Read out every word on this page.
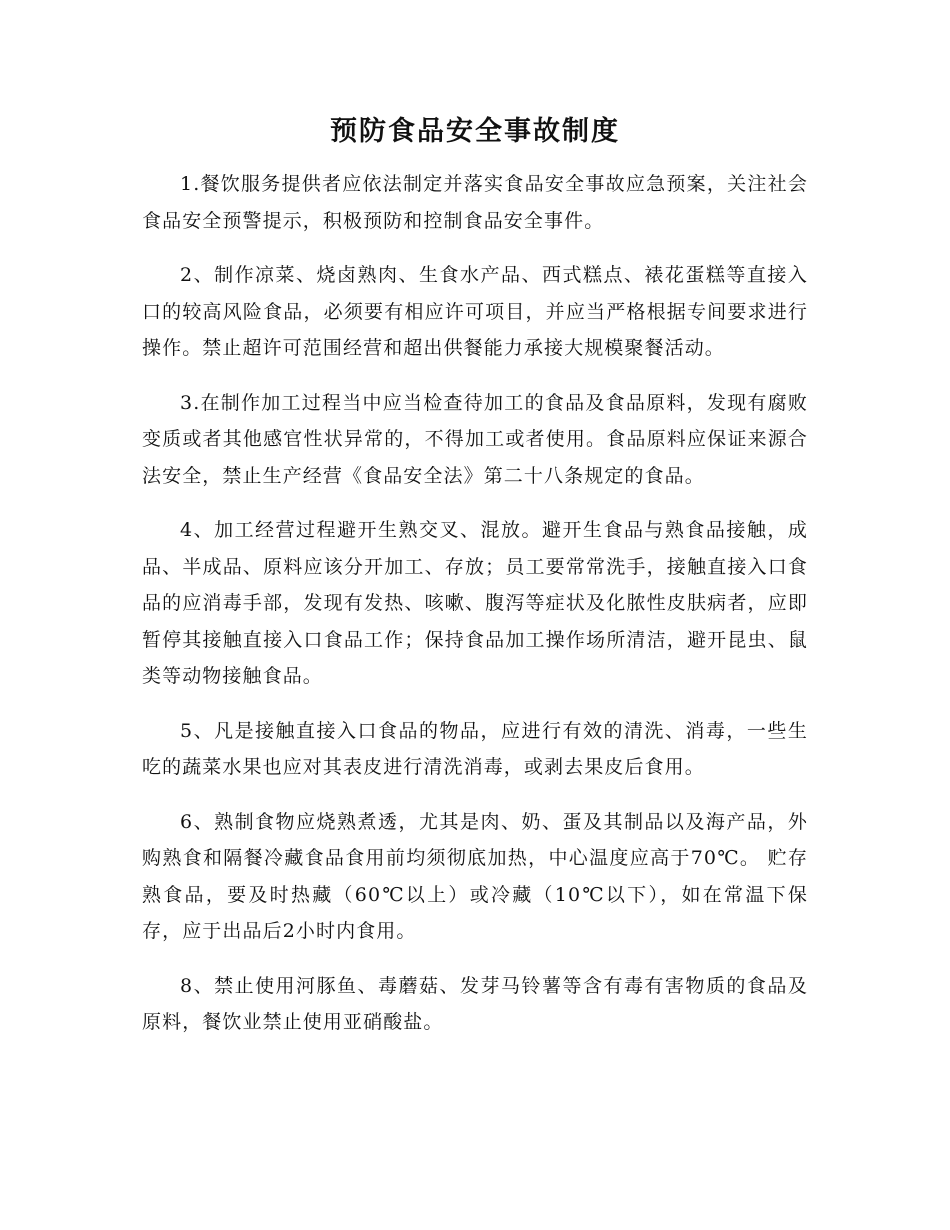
预防食品安全事故制度

1.餐饮服务提供者应依法制定并落实食品安全事故应急预案，关注社会食品安全预警提示，积极预防和控制食品安全事件。

2、制作凉菜、烧卤熟肉、生食水产品、西式糕点、裱花蛋糕等直接入口的较高风险食品，必须要有相应许可项目，并应当严格根据专间要求进行操作。禁止超许可范围经营和超出供餐能力承接大规模聚餐活动。

3.在制作加工过程当中应当检查待加工的食品及食品原料，发现有腐败变质或者其他感官性状异常的，不得加工或者使用。食品原料应保证来源合法安全，禁止生产经营《食品安全法》第二十八条规定的食品。

4、加工经营过程避开生熟交叉、混放。避开生食品与熟食品接触，成品、半成品、原料应该分开加工、存放；员工要常常洗手，接触直接入口食品的应消毒手部，发现有发热、咳嗽、腹泻等症状及化脓性皮肤病者，应即暂停其接触直接入口食品工作；保持食品加工操作场所清洁，避开昆虫、鼠类等动物接触食品。

5、凡是接触直接入口食品的物品，应进行有效的清洗、消毒，一些生吃的蔬菜水果也应对其表皮进行清洗消毒，或剥去果皮后食用。

6、熟制食物应烧熟煮透，尤其是肉、奶、蛋及其制品以及海产品，外购熟食和隔餐冷藏食品食用前均须彻底加热，中心温度应高于70℃。 贮存熟食品，要及时热藏（60℃以上）或冷藏（10℃以下），如在常温下保存，应于出品后2小时内食用。

8、禁止使用河豚鱼、毒蘑菇、发芽马铃薯等含有毒有害物质的食品及原料，餐饮业禁止使用亚硝酸盐。
